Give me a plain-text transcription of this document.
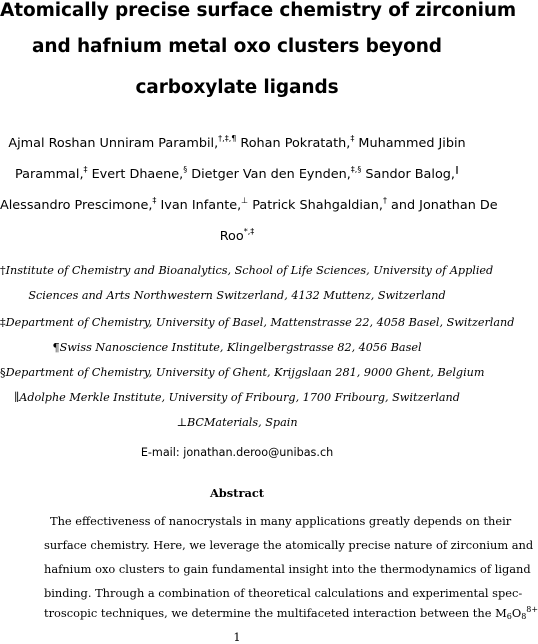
Atomically precise surface chemistry of zirconium
and hafnium metal oxo clusters beyond
carboxylate ligands
Ajmal Roshan Unniram Parambil,†,‡,¶ Rohan Pokratath,‡ Muhammed Jibin
Parammal,‡ Evert Dhaene,§ Dietger Van den Eynden,‡,§ Sandor Balog,∥
Alessandro Prescimone,‡ Ivan Infante,⊥ Patrick Shahgaldian,† and Jonathan De
Roo*,‡
†Institute of Chemistry and Bioanalytics, School of Life Sciences, University of Applied
Sciences and Arts Northwestern Switzerland, 4132 Muttenz, Switzerland
‡Department of Chemistry, University of Basel, Mattenstrasse 22, 4058 Basel, Switzerland
¶Swiss Nanoscience Institute, Klingelbergstrasse 82, 4056 Basel
§Department of Chemistry, University of Ghent, Krijgslaan 281, 9000 Ghent, Belgium
∥Adolphe Merkle Institute, University of Fribourg, 1700 Fribourg, Switzerland
⊥BCMaterials, Spain
E-mail: jonathan.deroo@unibas.ch
Abstract
The effectiveness of nanocrystals in many applications greatly depends on their
surface chemistry. Here, we leverage the atomically precise nature of zirconium and
hafnium oxo clusters to gain fundamental insight into the thermodynamics of ligand
binding. Through a combination of theoretical calculations and experimental spec-
troscopic techniques, we determine the multifaceted interaction between the $M6O8^{8+}$
1
